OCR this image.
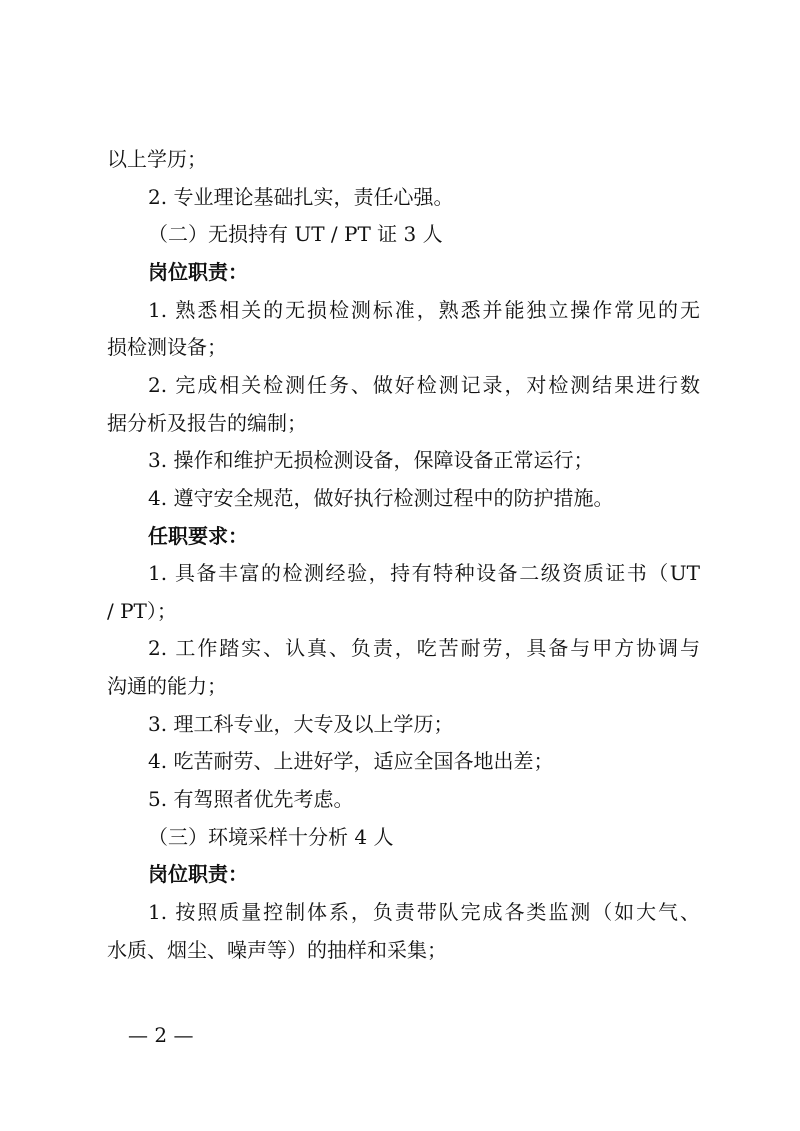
以上学历；
2. 专业理论基础扎实，责任心强。
（二）无损持有 UT / PT 证 3 人
岗位职责：
1. 熟悉相关的无损检测标准，熟悉并能独立操作常见的无
损检测设备；
2. 完成相关检测任务、做好检测记录，对检测结果进行数
据分析及报告的编制；
3. 操作和维护无损检测设备，保障设备正常运行；
4. 遵守安全规范，做好执行检测过程中的防护措施。
任职要求：
1. 具备丰富的检测经验，持有特种设备二级资质证书（UT
/ PT）；
2. 工作踏实、认真、负责，吃苦耐劳，具备与甲方协调与
沟通的能力；
3. 理工科专业，大专及以上学历；
4. 吃苦耐劳、上进好学，适应全国各地出差；
5. 有驾照者优先考虑。
（三）环境采样十分析 4 人
岗位职责：
1. 按照质量控制体系，负责带队完成各类监测（如大气、
水质、烟尘、噪声等）的抽样和采集；
— 2 —
